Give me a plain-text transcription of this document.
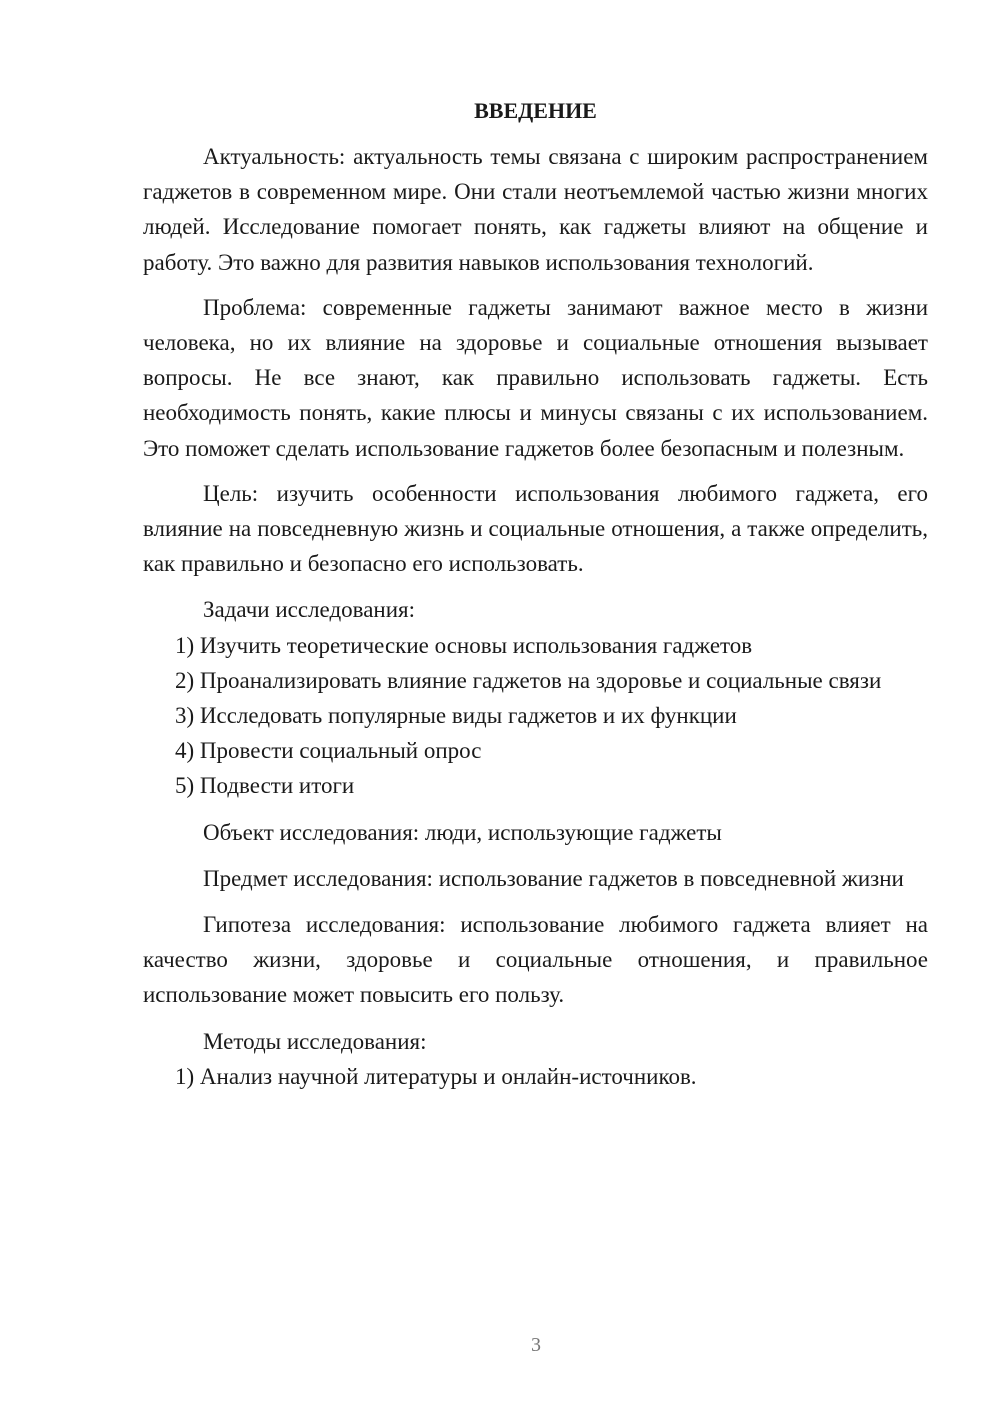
ВВЕДЕНИЕ

Актуальность: актуальность темы связана с широким распространением гаджетов в современном мире. Они стали неотъемлемой частью жизни многих людей. Исследование помогает понять, как гаджеты влияют на общение и работу. Это важно для развития навыков использования технологий.

Проблема: современные гаджеты занимают важное место в жизни человека, но их влияние на здоровье и социальные отношения вызывает вопросы. Не все знают, как правильно использовать гаджеты. Есть необходимость понять, какие плюсы и минусы связаны с их использованием. Это поможет сделать использование гаджетов более безопасным и полезным.

Цель: изучить особенности использования любимого гаджета, его влияние на повседневную жизнь и социальные отношения, а также определить, как правильно и безопасно его использовать.

Задачи исследования:

1) Изучить теоретические основы использования гаджетов

2) Проанализировать влияние гаджетов на здоровье и социальные связи

3) Исследовать популярные виды гаджетов и их функции

4) Провести социальный опрос

5) Подвести итоги

Объект исследования: люди, использующие гаджеты

Предмет исследования: использование гаджетов в повседневной жизни

Гипотеза исследования: использование любимого гаджета влияет на качество жизни, здоровье и социальные отношения, и правильное использование может повысить его пользу.

Методы исследования:

1) Анализ научной литературы и онлайн-источников.

3
